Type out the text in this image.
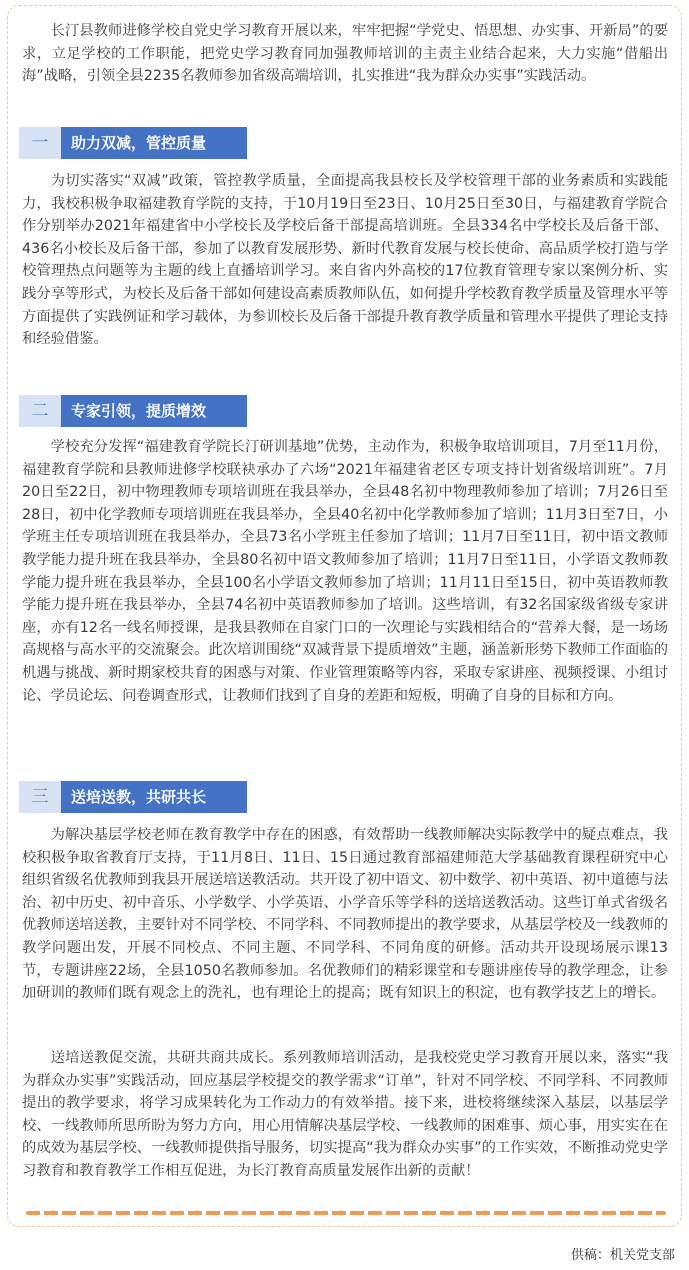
长汀县教师进修学校自党史学习教育开展以来，牢牢把握“学党史、悟思想、办实事、开新局”的要求，立足学校的工作职能，把党史学习教育同加强教师培训的主责主业结合起来，大力实施“借船出海”战略，引领全县2235名教师参加省级高端培训，扎实推进“我为群众办实事”实践活动。

一	助力双减，管控质量

为切实落实“双减”政策，管控教学质量，全面提高我县校长及学校管理干部的业务素质和实践能力，我校积极争取福建教育学院的支持，于10月19日至23日、10月25日至30日，与福建教育学院合作分别举办2021年福建省中小学校长及学校后备干部提高培训班。全县334名中学校长及后备干部、436名小校长及后备干部，参加了以教育发展形势、新时代教育发展与校长使命、高品质学校打造与学校管理热点问题等为主题的线上直播培训学习。来自省内外高校的17位教育管理专家以案例分析、实践分享等形式，为校长及后备干部如何建设高素质教师队伍，如何提升学校教育教学质量及管理水平等方面提供了实践例证和学习载体，为参训校长及后备干部提升教育教学质量和管理水平提供了理论支持和经验借鉴。

二	专家引领，提质增效

学校充分发挥“福建教育学院长汀研训基地”优势，主动作为，积极争取培训项目，7月至11月份，福建教育学院和县教师进修学校联袂承办了六场“2021年福建省老区专项支持计划省级培训班”。7月20日至22日，初中物理教师专项培训班在我县举办，全县48名初中物理教师参加了培训；7月26日至28日，初中化学教师专项培训班在我县举办，全县40名初中化学教师参加了培训；11月3日至7日，小学班主任专项培训班在我县举办，全县73名小学班主任参加了培训；11月7日至11日，初中语文教师教学能力提升班在我县举办，全县80名初中语文教师参加了培训；11月7日至11日，小学语文教师教学能力提升班在我县举办，全县100名小学语文教师参加了培训；11月11日至15日，初中英语教师教学能力提升班在我县举办，全县74名初中英语教师参加了培训。这些培训，有32名国家级省级专家讲座，亦有12名一线名师授课，是我县教师在自家门口的一次理论与实践相结合的“营养大餐，是一场场高规格与高水平的交流聚会。此次培训围绕“双减背景下提质增效”主题，涵盖新形势下教师工作面临的机遇与挑战、新时期家校共育的困惑与对策、作业管理策略等内容，采取专家讲座、视频授课、小组讨论、学员论坛、问卷调查形式，让教师们找到了自身的差距和短板，明确了自身的目标和方向。

三	送培送教，共研共长

为解决基层学校老师在教育教学中存在的困惑，有效帮助一线教师解决实际教学中的疑点难点，我校积极争取省教育厅支持，于11月8日、11日、15日通过教育部福建师范大学基础教育课程研究中心组织省级名优教师到我县开展送培送教活动。共开设了初中语文、初中数学、初中英语、初中道德与法治、初中历史、初中音乐、小学数学、小学英语、小学音乐等学科的送培送教活动。这些订单式省级名优教师送培送教，主要针对不同学校、不同学科、不同教师提出的教学要求，从基层学校及一线教师的教学问题出发，开展不同校点、不同主题、不同学科、不同角度的研修。活动共开设现场展示课13节，专题讲座22场，全县1050名教师参加。名优教师们的精彩课堂和专题讲座传导的教学理念，让参加研训的教师们既有观念上的洗礼，也有理论上的提高；既有知识上的积淀，也有教学技艺上的增长。

送培送教促交流，共研共商共成长。系列教师培训活动，是我校党史学习教育开展以来，落实“我为群众办实事”实践活动，回应基层学校提交的教学需求“订单”，针对不同学校、不同学科、不同教师提出的教学要求，将学习成果转化为工作动力的有效举措。接下来，进校将继续深入基层，以基层学校、一线教师所思所盼为努力方向，用心用情解决基层学校、一线教师的困难事、烦心事，用实实在在的成效为基层学校、一线教师提供指导服务，切实提高“我为群众办实事”的工作实效，不断推动党史学习教育和教育教学工作相互促进，为长汀教育高质量发展作出新的贡献！

供稿：机关党支部
